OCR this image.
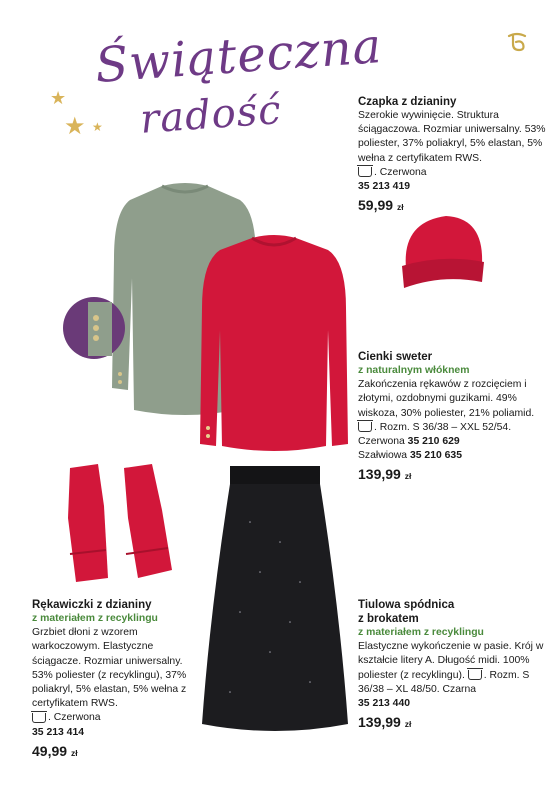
Świąteczna
radość
★
★ ★
Czapka z dzianiny
Szerokie wywinięcie. Struktura ściągaczowa. Rozmiar uniwersalny. 53% poliester, 37% poliakryl, 5% elastan, 5% wełna z certyfikatem RWS.
. Czerwona
35 213 419
59,99 zł
Cienki sweter
z naturalnym włóknem
Zakończenia rękawów z rozcięciem i złotymi, ozdobnymi guzikami. 49% wiskoza, 30% poliester, 21% poliamid. . Rozm. S 36/38 – XXL 52/54.
Czerwona 35 210 629
Szałwiowa 35 210 635
139,99 zł
Rękawiczki z dzianiny
z materiałem z recyklingu
Grzbiet dłoni z wzorem warkoczowym. Elastyczne ściągacze. Rozmiar uniwersalny. 53% poliester (z recyklingu), 37% poliakryl, 5% elastan, 5% wełna z certyfikatem RWS.
. Czerwona
35 213 414
49,99 zł
Tiulowa spódnica
z brokatem
z materiałem z recyklingu
Elastyczne wykończenie w pasie. Krój w kształcie litery A. Długość midi. 100% poliester (z recyklingu). . Rozm. S 36/38 – XL 48/50. Czarna
35 213 440
139,99 zł
